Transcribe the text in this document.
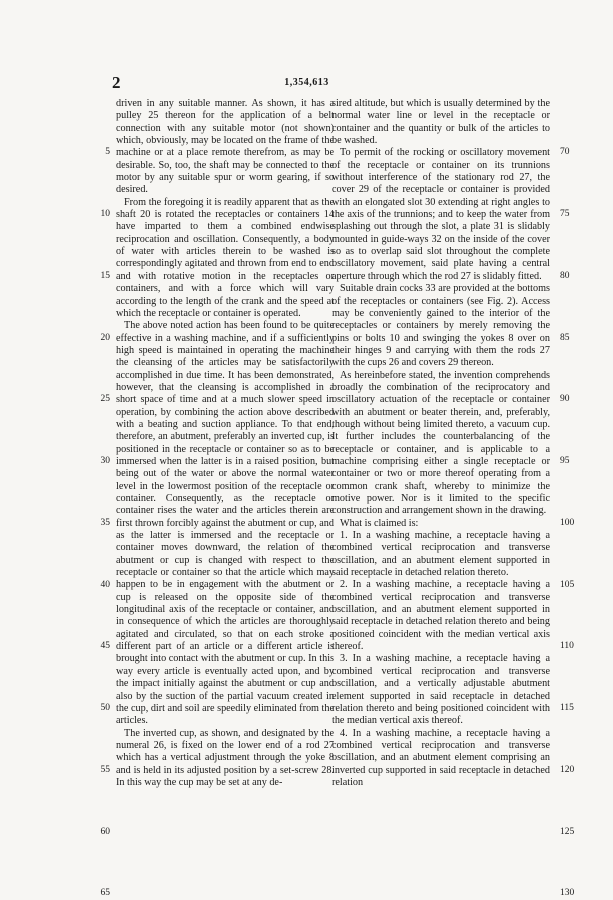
2	1,354,613
5
10
15
20
25
30
35
40
45
50
55
60
65
70
75
80
85
90
95
100
105
110
115
120
125
130

driven in any suitable manner. As shown, it has a pulley 25 thereon for the application of a belt connection with any suitable motor (not shown) which, obviously, may be located on the frame of the machine or at a place remote therefrom, as may be desirable. So, too, the shaft may be connected to the motor by any suitable spur or worm gearing, if so desired.

From the foregoing it is readily apparent that as the shaft 20 is rotated the receptacles or containers 14 have imparted to them a combined endwise reciprocation and oscillation. Consequently, a body of water with articles therein to be washed is correspondingly agitated and thrown from end to end and with rotative motion in the receptacles or containers, and with a force which will vary according to the length of the crank and the speed at which the receptacle or container is operated.

The above noted action has been found to be quite effective in a washing machine, and if a sufficiently high speed is maintained in operating the machine the cleansing of the articles may be satisfactorily accomplished in due time. It has been demonstrated, however, that the cleansing is accomplished in a short space of time and at a much slower speed in operation, by combining the action above described with a beating and suction appliance. To that end, therefore, an abutment, preferably an inverted cup, is positioned in the receptacle or container so as to be immersed when the latter is in a raised position, but being out of the water or above the normal water level in the lowermost position of the receptacle or container. Consequently, as the receptacle or container rises the water and the articles therein are first thrown forcibly against the abutment or cup, and as the latter is immersed and the receptacle or container moves downward, the relation of the abutment or cup is changed with respect to the receptacle or container so that the article which may happen to be in engagement with the abutment or cup is released on the opposite side of the longitudinal axis of the receptacle or container, and in consequence of which the articles are thoroughly agitated and circulated, so that on each stroke a different part of an article or a different article is brought into contact with the abutment or cup. In this way every article is eventually acted upon, and by the impact initially against the abutment or cup and also by the suction of the partial vacuum created in the cup, dirt and soil are speedily eliminated from the articles.

The inverted cup, as shown, and designated by the numeral 26, is fixed on the lower end of a rod 27 which has a vertical adjustment through the yoke 8 and is held in its adjusted position by a set-screw 28. In this way the cup may be set at any de-

sired altitude, but which is usually determined by the normal water line or level in the receptacle or container and the quantity or bulk of the articles to be washed.

To permit of the rocking or oscillatory movement of the receptacle or container on its trunnions without interference of the stationary rod 27, the cover 29 of the receptacle or container is provided with an elongated slot 30 extending at right angles to the axis of the trunnions; and to keep the water from splashing out through the slot, a plate 31 is slidably mounted in guide-ways 32 on the inside of the cover so as to overlap said slot throughout the complete oscillatory movement, said plate having a central aperture through which the rod 27 is slidably fitted.

Suitable drain cocks 33 are provided at the bottoms of the receptacles or containers (see Fig. 2). Access may be conveniently gained to the interior of the receptacles or containers by merely removing the pins or bolts 10 and swinging the yokes 8 over on their hinges 9 and carrying with them the rods 27 with the cups 26 and covers 29 thereon.

As hereinbefore stated, the invention comprehends broadly the combination of the reciprocatory and oscillatory actuation of the receptacle or container with an abutment or beater therein, and, preferably, though without being limited thereto, a vacuum cup. It further includes the counterbalancing of the receptacle or container, and is applicable to a machine comprising either a single receptacle or container or two or more thereof operating from a common crank shaft, whereby to minimize the motive power. Nor is it limited to the specific construction and arrangement shown in the drawing.

What is claimed is:

1. In a washing machine, a receptacle having a combined vertical reciprocation and transverse oscillation, and an abutment element supported in said receptacle in detached relation thereto.

2. In a washing machine, a receptacle having a combined vertical reciprocation and transverse oscillation, and an abutment element supported in said receptacle in detached relation thereto and being positioned coincident with the median vertical axis thereof.

3. In a washing machine, a receptacle having a combined vertical reciprocation and transverse oscillation, and a vertically adjustable abutment element supported in said receptacle in detached relation thereto and being positioned coincident with the median vertical axis thereof.

4. In a washing machine, a receptacle having a combined vertical reciprocation and transverse oscillation, and an abutment element comprising an inverted cup supported in said receptacle in detached relation
